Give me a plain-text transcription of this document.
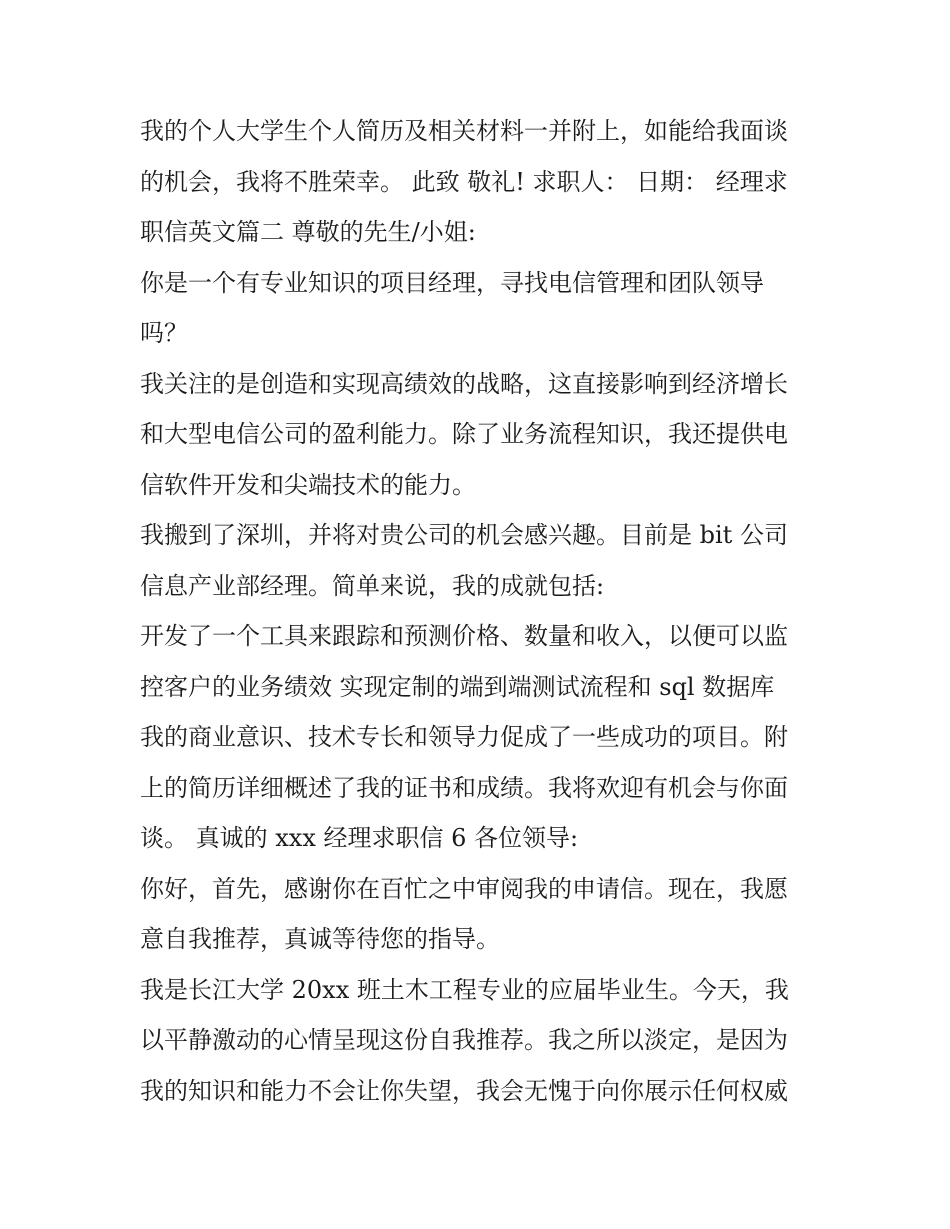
我的个人大学生个人简历及相关材料一并附上，如能给我面谈
的机会，我将不胜荣幸。 此致 敬礼! 求职人： 日期： 经理求
职信英文篇二 尊敬的先生/小姐:
你是一个有专业知识的项目经理，寻找电信管理和团队领导
吗？
我关注的是创造和实现高绩效的战略，这直接影响到经济增长
和大型电信公司的盈利能力。除了业务流程知识，我还提供电
信软件开发和尖端技术的能力。
我搬到了深圳，并将对贵公司的机会感兴趣。目前是 bit 公司
信息产业部经理。简单来说，我的成就包括:
开发了一个工具来跟踪和预测价格、数量和收入，以便可以监
控客户的业务绩效 实现定制的端到端测试流程和 sql 数据库
我的商业意识、技术专长和领导力促成了一些成功的项目。附
上的简历详细概述了我的证书和成绩。我将欢迎有机会与你面
谈。 真诚的 xxx 经理求职信 6 各位领导:
你好，首先，感谢你在百忙之中审阅我的申请信。现在，我愿
意自我推荐，真诚等待您的指导。
我是长江大学 20xx 班土木工程专业的应届毕业生。今天，我
以平静激动的心情呈现这份自我推荐。我之所以淡定，是因为
我的知识和能力不会让你失望，我会无愧于向你展示任何权威
